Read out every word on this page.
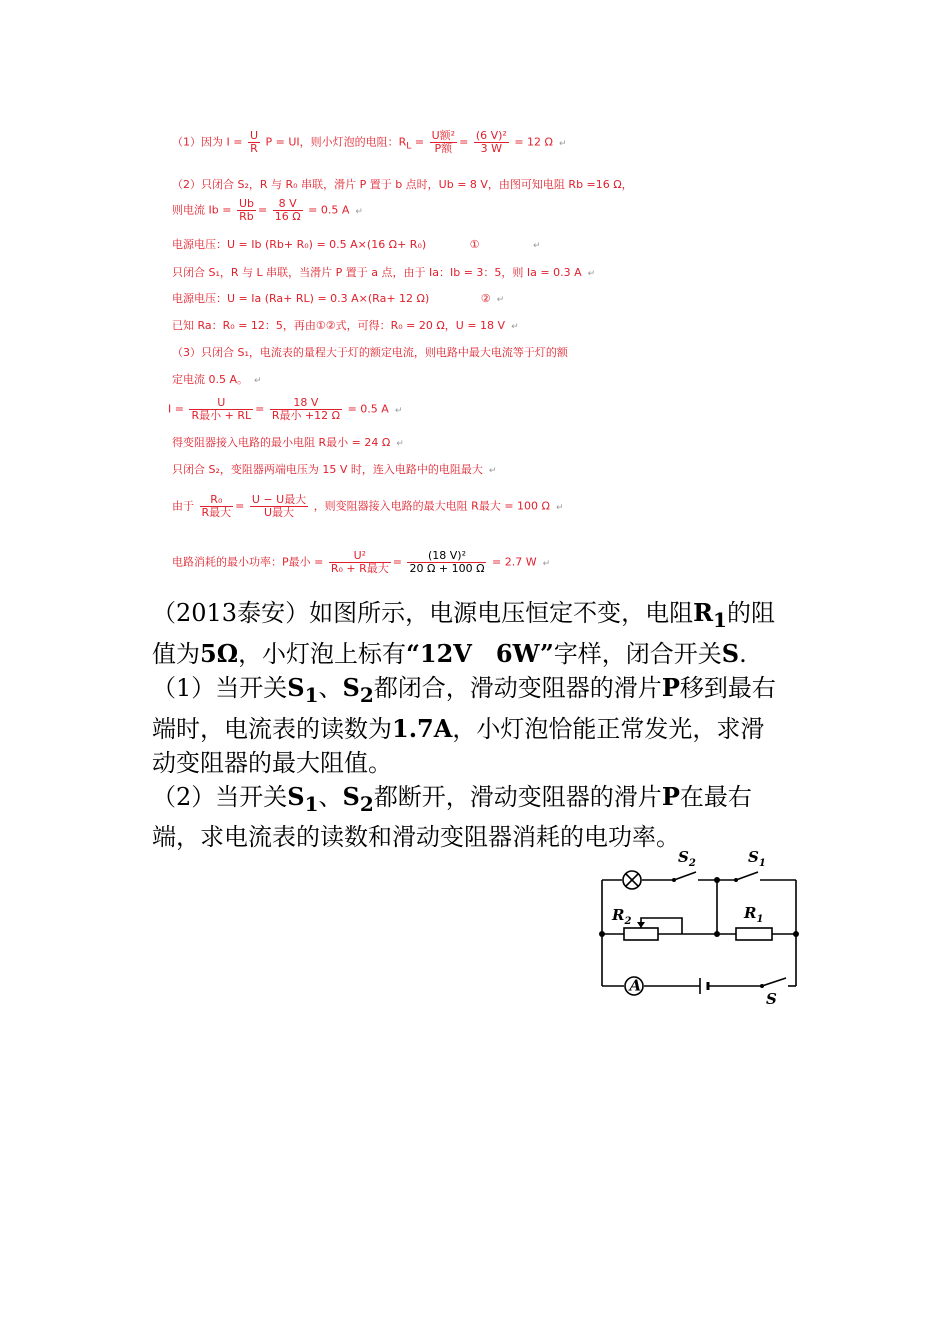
（1）因为 $I = \frac{U}{R}$ P = UI，则小灯泡的电阻：$R_L = \frac{\text{U额²}}{\text{P额}} = \frac{\text{(6 V)²}}{3 W} = 12$ Ω ↵
（2）只闭合 S₂，R 与 R₀ 串联，滑片 P 置于 b 点时，Ub = 8 V，由图可知电阻 Rb =16 Ω，
则电流 $Ib = \frac{Ub}{Rb} = \frac{8 V}{16 \Omega} = 0.5$ A ↵
电源电压：U = Ib (Rb+ R₀) = 0.5 A×(16 Ω+ R₀)	①	↵
只闭合 S₁，R 与 L 串联，当滑片 P 置于 a 点，由于 Ia：Ib = 3：5，则 Ia = 0.3 A ↵
电源电压：U = Ia (Ra+ RL) = 0.3 A×(Ra+ 12 Ω)	② ↵
已知 Ra：R₀ = 12：5，再由①②式，可得：R₀ = 20 Ω，U = 18 V ↵
（3）只闭合 S₁，电流表的量程大于灯的额定电流，则电路中最大电流等于灯的额
定电流 0.5 A。 ↵
$I = \frac{U}{\text{R最小 + RL}} = \frac{18 V}{\text{R最小 +12 Ω}} = 0.5$ A ↵
得变阻器接入电路的最小电阻 R最小 = 24 Ω ↵
只闭合 S₂，变阻器两端电压为 15 V 时，连入电路中的电阻最大 ↵
由于 $\frac{\text{R₀}}{\text{R最大}} = \frac{\text{U − U最大}}{\text{U最大}}$ ，则变阻器接入电路的最大电阻 R最大 = 100 Ω ↵
电路消耗的最小功率：P最小 = $\frac{\text{U²}}{\text{R₀ + R最大}} = \frac{\text{(18 V)²}}{20 \Omega + 100 \Omega} = 2.7$ W ↵

（2013泰安）如图所示，电源电压恒定不变，电阻$R_1$的阻

值为5Ω，小灯泡上标有“12V　6W”字样，闭合开关S.

（1）当开关$S_1$、$S_2$都闭合，滑动变阻器的滑片P移到最右

端时，电流表的读数为1.7A，小灯泡恰能正常发光，求滑

动变阻器的最大阻值。

（2）当开关$S_1$、$S_2$都断开，滑动变阻器的滑片P在最右

端，求电流表的读数和滑动变阻器消耗的电功率。

$S_2$	$S_1$
$R_2$	$R_1$
S
A
